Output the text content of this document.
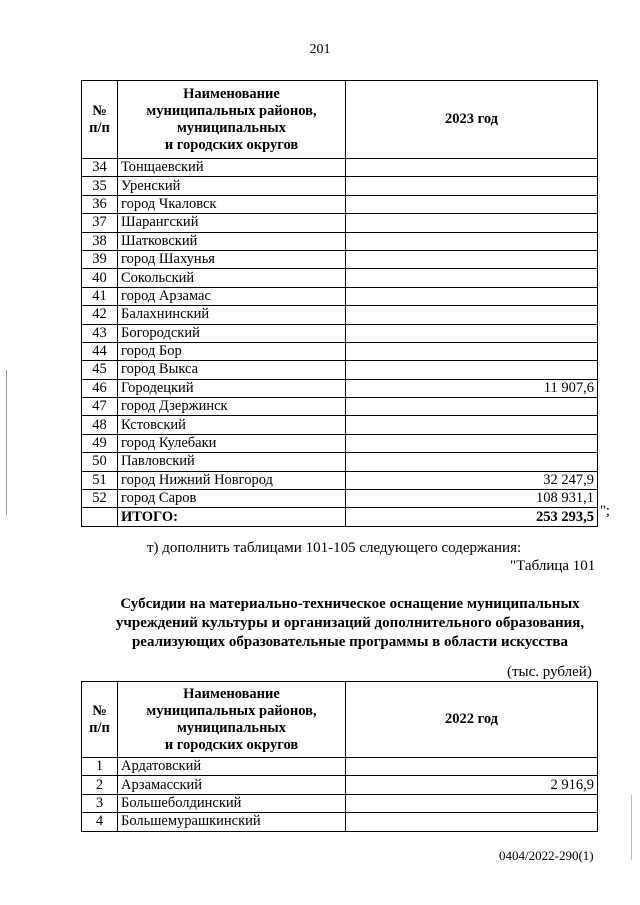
201
№
п/п	Наименование
муниципальных районов,
муниципальных
и городских округов	2023 год
34	Тонщаевский	
35	Уренский	
36	город Чкаловск	
37	Шарангский	
38	Шатковский	
39	город Шахунья	
40	Сокольский	
41	город Арзамас	
42	Балахнинский	
43	Богородский	
44	город Бор	
45	город Выкса	
46	Городецкий	11 907,6
47	город Дзержинск	
48	Кстовский	
49	город Кулебаки	
50	Павловский	
51	город Нижний Новгород	32 247,9
52	город Саров	108 931,1
	ИТОГО:	253 293,5 ";
т) дополнить таблицами 101-105 следующего содержания:
"Таблица 101
Субсидии на материально-техническое оснащение муниципальных учреждений культуры и организаций дополнительного образования, реализующих образовательные программы в области искусства
(тыс. рублей)
№
п/п	Наименование
муниципальных районов,
муниципальных
и городских округов	2022 год
1	Ардатовский	
2	Арзамасский	2 916,9
3	Большеболдинский	
4	Большемурашкинский	
0404/2022-290(1)
